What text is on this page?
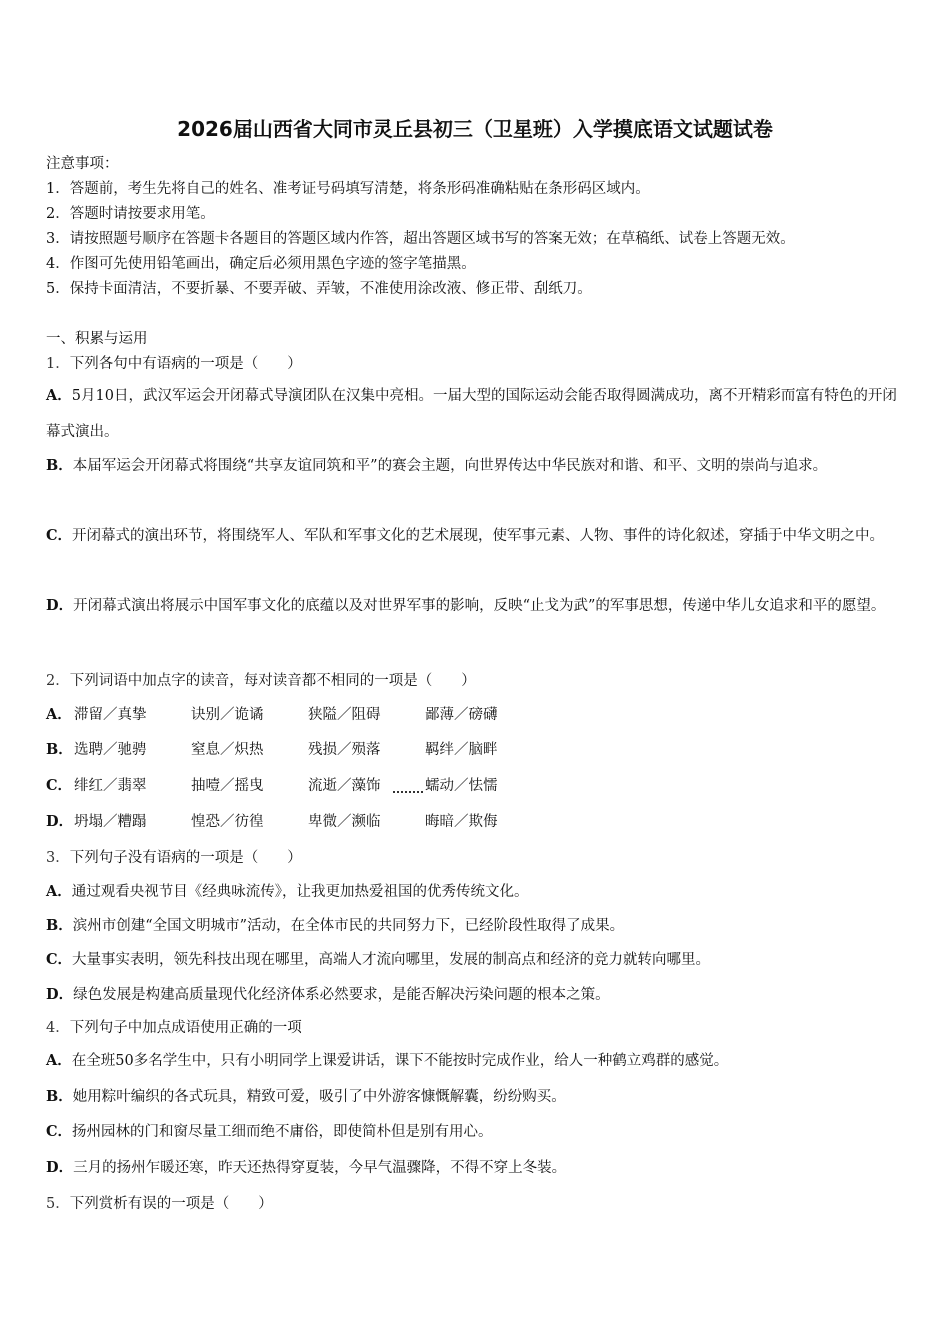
2026届山西省大同市灵丘县初三（卫星班）入学摸底语文试题试卷
注意事项：
1．答题前，考生先将自己的姓名、准考证号码填写清楚，将条形码准确粘贴在条形码区域内。
2．答题时请按要求用笔。
3．请按照题号顺序在答题卡各题目的答题区域内作答，超出答题区域书写的答案无效；在草稿纸、试卷上答题无效。
4．作图可先使用铅笔画出，确定后必须用黑色字迹的签字笔描黑。
5．保持卡面清洁，不要折暴、不要弄破、弄皱，不准使用涂改液、修正带、刮纸刀。
一、积累与运用
1．下列各句中有语病的一项是（　　）
A．5月10日，武汉军运会开闭幕式导演团队在汉集中亮相。一届大型的国际运动会能否取得圆满成功，离不开精彩而富有特色的开闭幕式演出。
B．本届军运会开闭幕式将围绕“共享友谊同筑和平”的赛会主题，向世界传达中华民族对和谐、和平、文明的崇尚与追求。
C．开闭幕式的演出环节，将围绕军人、军队和军事文化的艺术展现，使军事元素、人物、事件的诗化叙述，穿插于中华文明之中。
D．开闭幕式演出将展示中国军事文化的底蕴以及对世界军事的影响，反映“止戈为武”的军事思想，传递中华儿女追求和平的愿望。
2．下列词语中加点字的读音，每对读音都不相同的一项是（　　）
A． 滞留／真挚	诀别／诡谲	狭隘／阻碍	鄙薄／磅礴
B．选聘／驰骋	窒息／炽热	残损／殒落	羁绊／脑畔
C． 绯红／翡翠	抽噎／摇曳	流逝／藻饰	蠕动／怯懦
D．坍塌／糟蹋	惶恐／彷徨	卑微／濒临	晦暗／欺侮
3．下列句子没有语病的一项是（　　）
A．通过观看央视节目《经典咏流传》，让我更加热爱祖国的优秀传统文化。
B．滨州市创建“全国文明城市”活动，在全体市民的共同努力下，已经阶段性取得了成果。
C．大量事实表明，领先科技出现在哪里，高端人才流向哪里，发展的制高点和经济的竞力就转向哪里。
D．绿色发展是构建高质量现代化经济体系必然要求，是能否解决污染问题的根本之策。
4．下列句子中加点成语使用正确的一项
A．在全班50多名学生中，只有小明同学上课爱讲话，课下不能按时完成作业，给人一种鹤立鸡群的感觉。
B．她用粽叶编织的各式玩具，精致可爱，吸引了中外游客慷慨解囊，纷纷购买。
C．扬州园林的门和窗尽量工细而绝不庸俗，即使简朴但是别有用心。
D．三月的扬州乍暖还寒，昨天还热得穿夏装，今早气温骤降，不得不穿上冬装。
5．下列赏析有误的一项是（　　）
